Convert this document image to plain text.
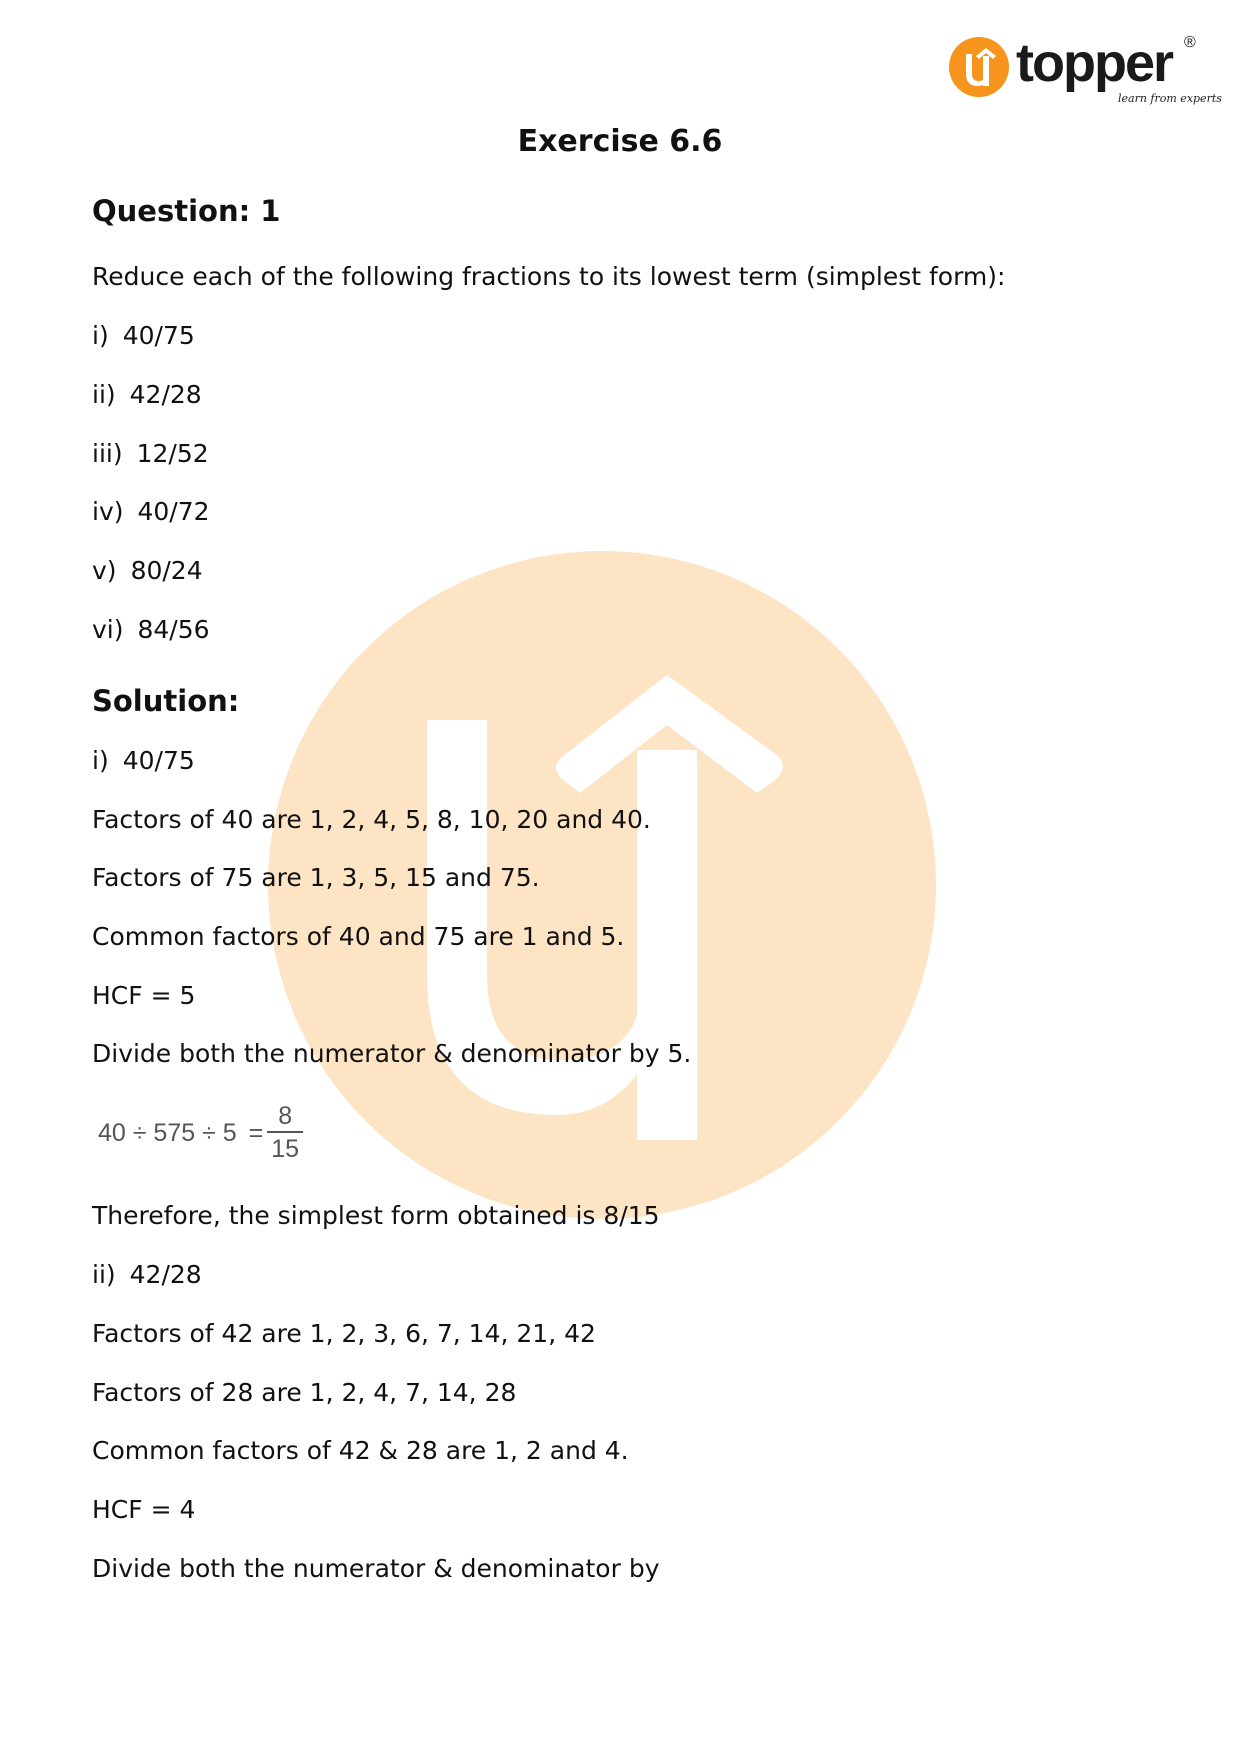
topper ®
learn from experts
Exercise 6.6
Question: 1

Reduce each of the following fractions to its lowest term (simplest form):

i) 40/75

ii) 42/28

iii) 12/52

iv) 40/72

v) 80/24

vi) 84/56

Solution:

i) 40/75

Factors of 40 are 1, 2, 4, 5, 8, 10, 20 and 40.

Factors of 75 are 1, 3, 5, 15 and 75.

Common factors of 40 and 75 are 1 and 5.

HCF = 5

Divide both the numerator & denominator by 5.

$40 \div 575 \div 5 = \frac{8}{15}$

Therefore, the simplest form obtained is 8/15

ii) 42/28

Factors of 42 are 1, 2, 3, 6, 7, 14, 21, 42

Factors of 28 are 1, 2, 4, 7, 14, 28

Common factors of 42 & 28 are 1, 2 and 4.

HCF = 4

Divide both the numerator & denominator by
